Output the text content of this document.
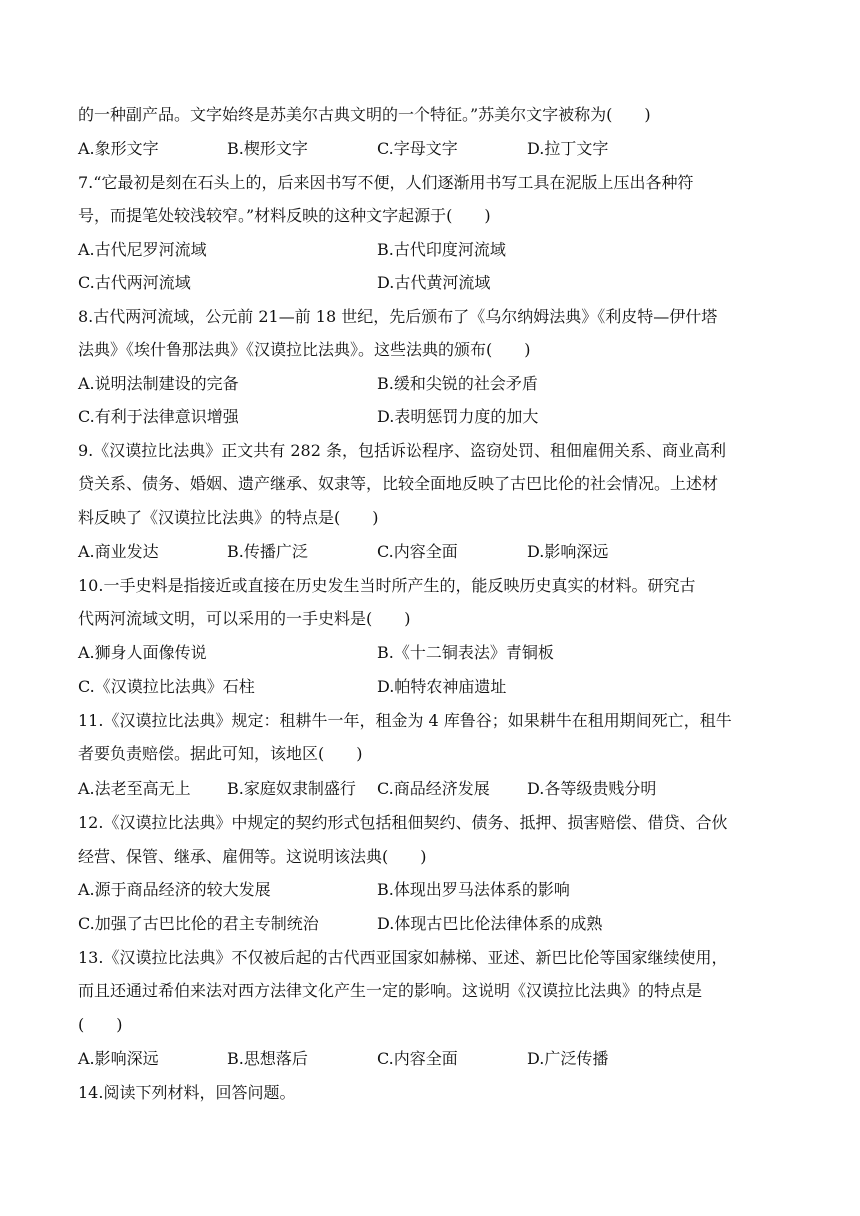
的一种副产品。文字始终是苏美尔古典文明的一个特征。”苏美尔文字被称为(　　)
A.象形文字	B.楔形文字	C.字母文字	D.拉丁文字
7.“它最初是刻在石头上的，后来因书写不便，人们逐渐用书写工具在泥版上压出各种符
号，而提笔处较浅较窄。”材料反映的这种文字起源于(　　)
A.古代尼罗河流域	B.古代印度河流域
C.古代两河流域	D.古代黄河流域
8.古代两河流域，公元前 21—前 18 世纪，先后颁布了《乌尔纳姆法典》《利皮特—伊什塔
法典》《埃什鲁那法典》《汉谟拉比法典》。这些法典的颁布(　　)
A.说明法制建设的完备	B.缓和尖锐的社会矛盾
C.有利于法律意识增强	D.表明惩罚力度的加大
9.《汉谟拉比法典》正文共有 282 条，包括诉讼程序、盗窃处罚、租佃雇佣关系、商业高利
贷关系、债务、婚姻、遗产继承、奴隶等，比较全面地反映了古巴比伦的社会情况。上述材
料反映了《汉谟拉比法典》的特点是(　　)
A.商业发达	B.传播广泛	C.内容全面	D.影响深远
10.一手史料是指接近或直接在历史发生当时所产生的，能反映历史真实的材料。研究古
代两河流域文明，可以采用的一手史料是(　　)
A.狮身人面像传说	B.《十二铜表法》青铜板
C.《汉谟拉比法典》石柱	D.帕特农神庙遗址
11.《汉谟拉比法典》规定：租耕牛一年，租金为 4 库鲁谷；如果耕牛在租用期间死亡，租牛
者要负责赔偿。据此可知，该地区(　　)
A.法老至高无上 B.家庭奴隶制盛行 C.商品经济发展 D.各等级贵贱分明
12.《汉谟拉比法典》中规定的契约形式包括租佃契约、债务、抵押、损害赔偿、借贷、合伙
经营、保管、继承、雇佣等。这说明该法典(　　)
A.源于商品经济的较大发展	B.体现出罗马法体系的影响
C.加强了古巴比伦的君主专制统治	D.体现古巴比伦法律体系的成熟
13.《汉谟拉比法典》不仅被后起的古代西亚国家如赫梯、亚述、新巴比伦等国家继续使用，
而且还通过希伯来法对西方法律文化产生一定的影响。这说明《汉谟拉比法典》的特点是
(　　)
A.影响深远	B.思想落后	C.内容全面	D.广泛传播
14.阅读下列材料，回答问题。
